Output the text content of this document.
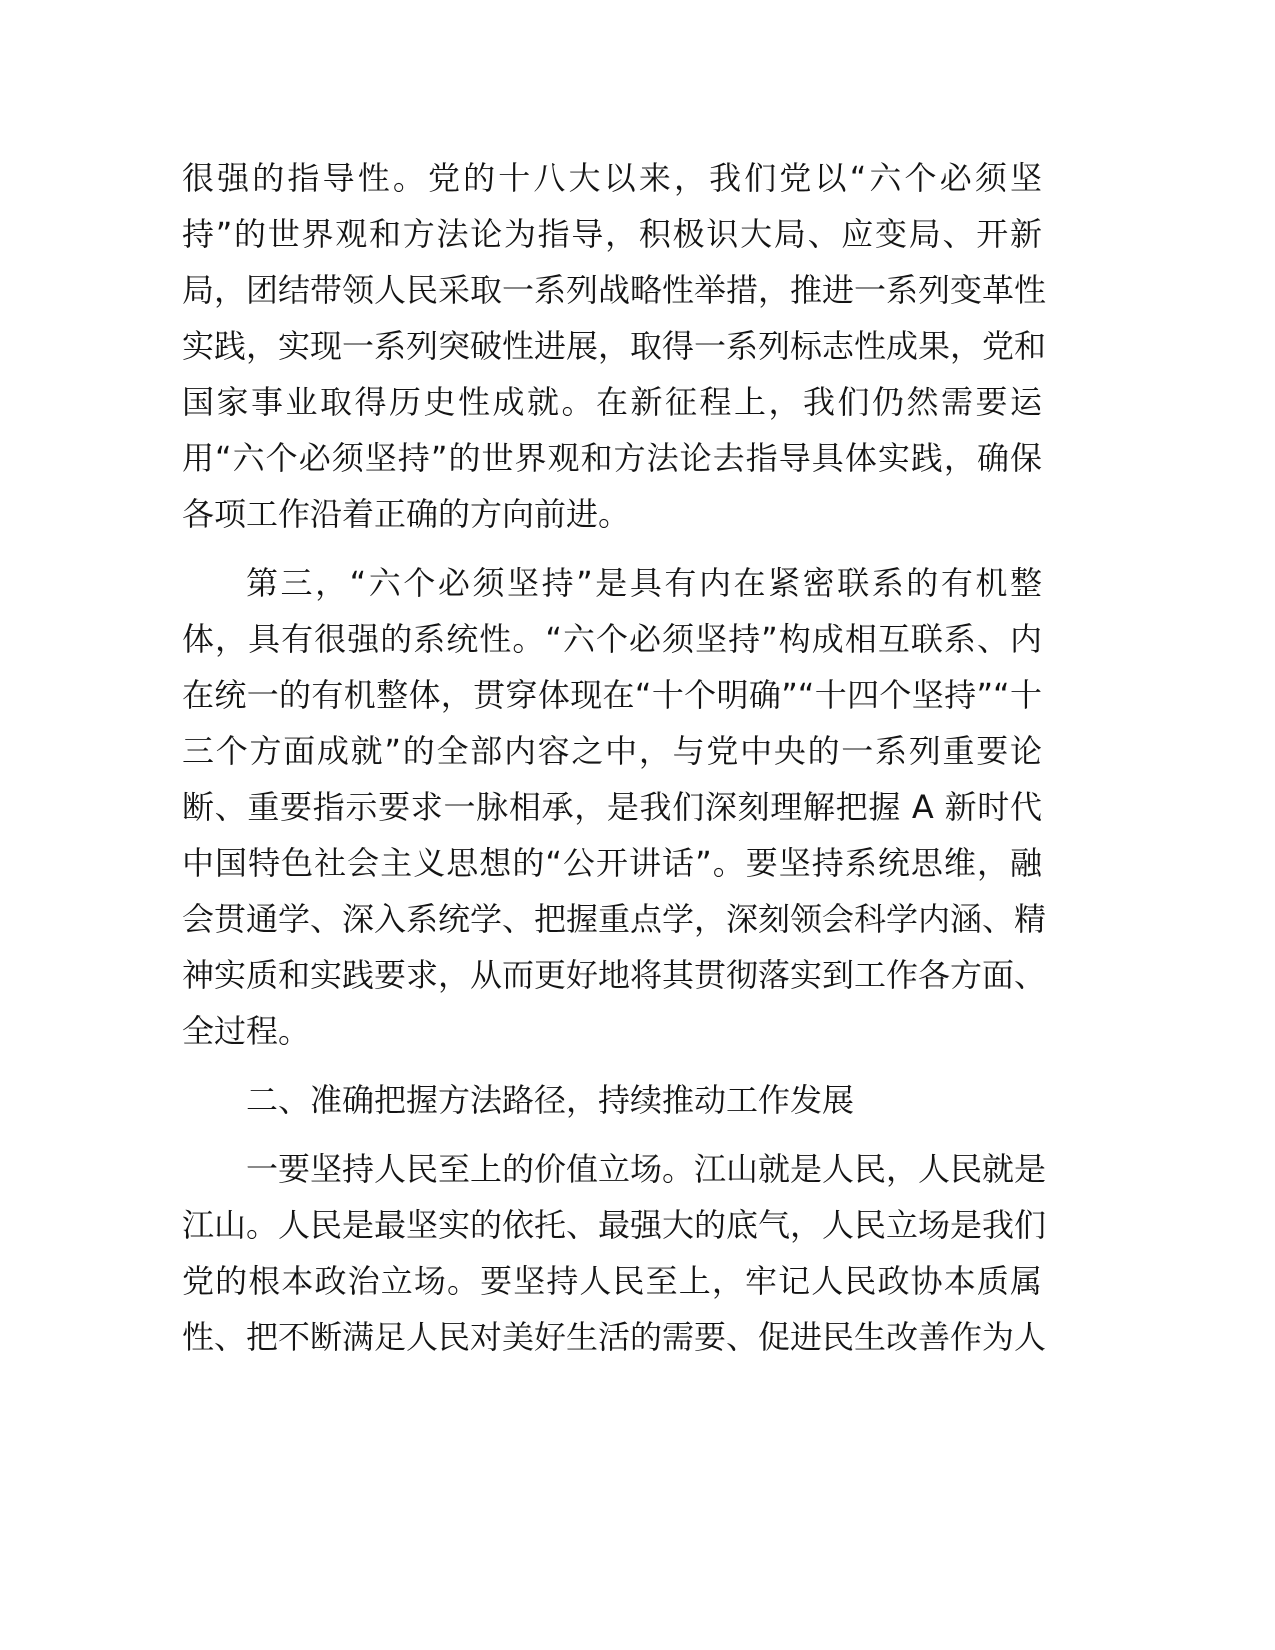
很强的指导性。党的十八大以来，我们党以“六个必须坚
持”的世界观和方法论为指导，积极识大局、应变局、开新
局，团结带领人民采取一系列战略性举措，推进一系列变革性
实践，实现一系列突破性进展，取得一系列标志性成果，党和
国家事业取得历史性成就。在新征程上，我们仍然需要运
用“六个必须坚持”的世界观和方法论去指导具体实践，确保
各项工作沿着正确的方向前进。
第三，“六个必须坚持”是具有内在紧密联系的有机整
体，具有很强的系统性。“六个必须坚持”构成相互联系、内
在统一的有机整体，贯穿体现在“十个明确”“十四个坚持”“十
三个方面成就”的全部内容之中，与党中央的一系列重要论
断、重要指示要求一脉相承，是我们深刻理解把握 A 新时代
中国特色社会主义思想的“公开讲话”。要坚持系统思维，融
会贯通学、深入系统学、把握重点学，深刻领会科学内涵、精
神实质和实践要求，从而更好地将其贯彻落实到工作各方面、
全过程。
二、准确把握方法路径，持续推动工作发展
一要坚持人民至上的价值立场。江山就是人民，人民就是
江山。人民是最坚实的依托、最强大的底气，人民立场是我们
党的根本政治立场。要坚持人民至上，牢记人民政协本质属
性、把不断满足人民对美好生活的需要、促进民生改善作为人
